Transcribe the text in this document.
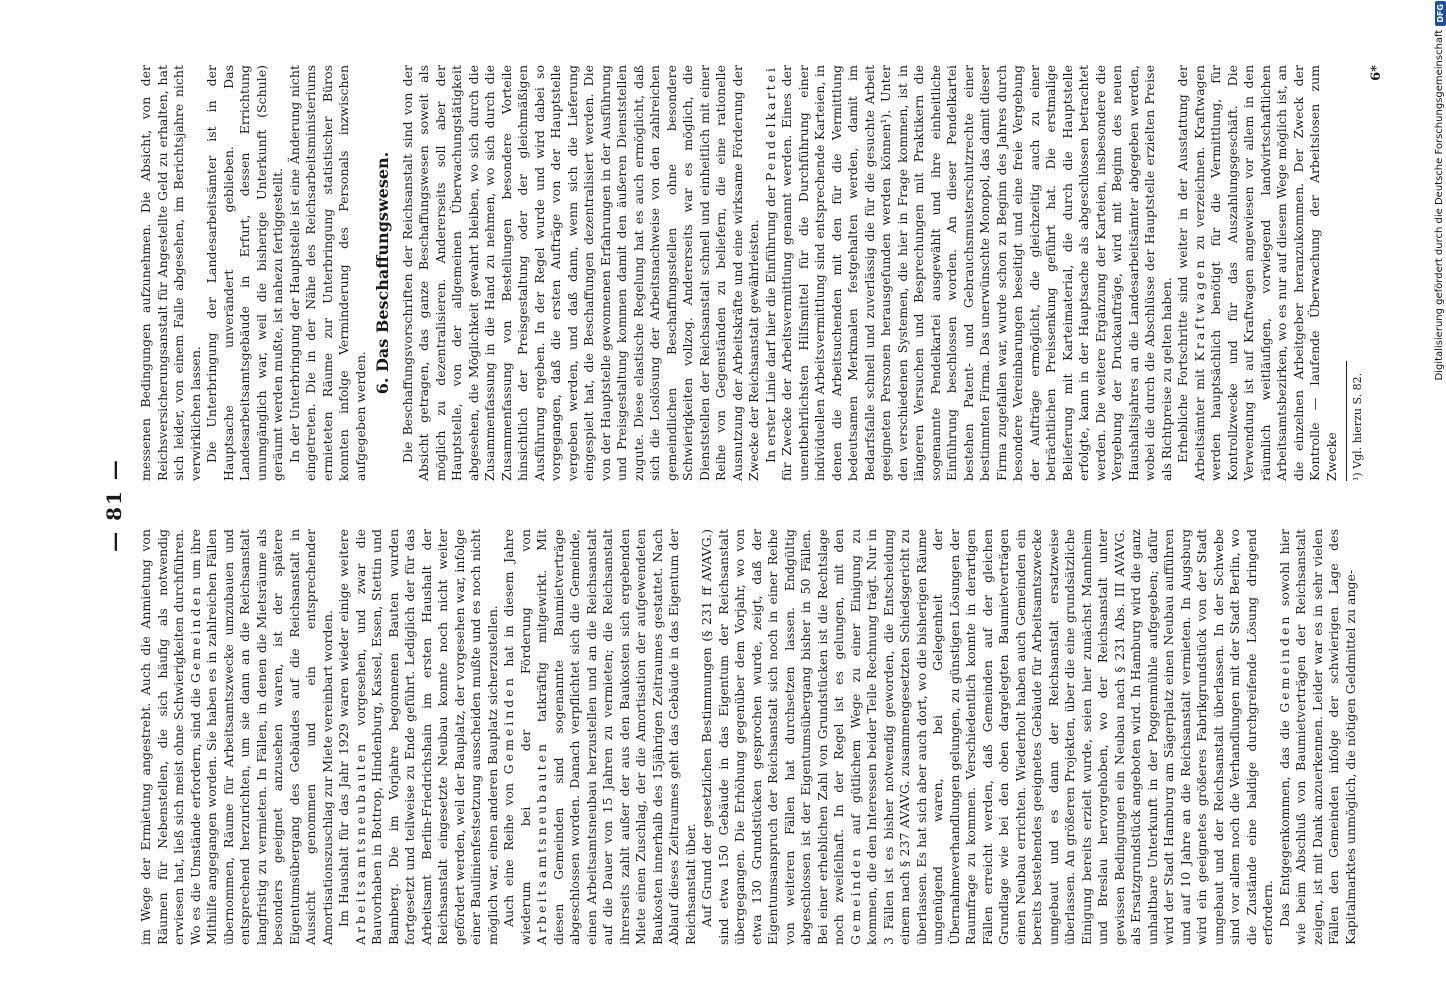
— 81 —

im Wege der Ermietung angestrebt. Auch die Anmietung von Räumen für Nebenstellen, die sich häufig als notwendig erwiesen hat, ließ sich meist ohne Schwierigkeiten durchführen. Wo es die Umstände erfordern, sind die Gemeinden um ihre Mithilfe angegangen worden. Sie haben es in zahlreichen Fällen übernommen, Räume für Arbeitsamtszwecke umzubauen und entsprechend herzurichten, um sie dann an die Reichsanstalt langfristig zu vermieten. In Fällen, in denen die Mietsräume als besonders geeignet anzusehen waren, ist der spätere Eigentumsübergang des Gebäudes auf die Reichsanstalt in Aussicht genommen und ein entsprechender Amortisationszuschlag zur Miete vereinbart worden. Im Haushalt für das Jahr 1929 waren wieder einige weitere Arbeitsamtsneubauten vorgesehen, und zwar die Bauvorhaben in Bottrop, Hindenburg, Kassel, Essen, Stettin und Bamberg. Die im Vorjahre begonnenen Bauten wurden fortgesetzt und teilweise zu Ende geführt. Lediglich der für das Arbeitsamt Berlin-Friedrichshain im ersten Haushalt der Reichsanstalt eingesetzte Neubau konnte noch nicht weiter gefördert werden, weil der Bauplatz, der vorgesehen war, infolge einer Baulinienfestsetzung ausscheiden mußte und es noch nicht möglich war, einen anderen Bauplatz sicherzustellen. Auch eine Reihe von Gemeinden hat in diesem Jahre wiederum bei der Förderung von Arbeitsamtsneubauten tatkräftig mitgewirkt. Mit diesen Gemeinden sind sogenannte Baumietverträge abgeschlossen worden. Danach verpflichtet sich die Gemeinde, einen Arbeitsamtsneubau herzustellen und an die Reichsanstalt auf die Dauer von 15 Jahren zu vermieten; die Reichsanstalt ihrerseits zahlt außer der aus den Baukosten sich ergebenden Miete einen Zuschlag, der die Amortisation der aufgewendeten Baukosten innerhalb des 15jährigen Zeitraumes gestattet. Nach Ablauf dieses Zeitraumes geht das Gebäude in das Eigentum der Reichsanstalt über. Auf Grund der gesetzlichen Bestimmungen (§ 231 ff AVAVG.) sind etwa 150 Gebäude in das Eigentum der Reichsanstalt übergegangen. Die Erhöhung gegenüber dem Vorjahr, wo von etwa 130 Grundstücken gesprochen wurde, zeigt, daß der Eigentumsanspruch der Reichsanstalt sich noch in einer Reihe von weiteren Fällen hat durchsetzen lassen. Endgültig abgeschlossen ist der Eigentumsübergang bisher in 50 Fällen. Bei einer erheblichen Zahl von Grundstücken ist die Rechtslage noch zweifelhaft. In der Regel ist es gelungen, mit den Gemeinden auf gütlichem Wege zu einer Einigung zu kommen, die den Interessen beider Teile Rechnung trägt. Nur in 3 Fällen ist es bisher notwendig geworden, die Entscheidung einem nach § 237 AVAVG. zusammengesetzten Schiedsgericht zu überlassen. Es hat sich aber auch dort, wo die bisherigen Räume ungenügend waren, bei Gelegenheit der Übernahmeverhandlungen gelungen, zu günstigen Lösungen der Raumfrage zu kommen. Verschiedentlich konnte in derartigen Fällen erreicht werden, daß Gemeinden auf der gleichen Grundlage wie bei den oben dargelegten Baumietverträgen einen Neubau errichten. Wiederholt haben auch Gemeinden ein bereits bestehendes geeignetes Gebäude für Arbeitsamtszwecke umgebaut und es dann der Reichsanstalt ersatzweise überlassen. An größeren Projekten, über die eine grundsätzliche Einigung bereits erzielt wurde, seien hier zunächst Mannheim und Breslau hervorgehoben, wo der Reichsanstalt unter gewissen Bedingungen ein Neubau nach § 231 Abs. III AVAVG. als Ersatzgrundstück angeboten wird. In Hamburg wird die ganz unhaltbare Unterkunft in der Poggenmühle aufgegeben; dafür wird der Stadt Hamburg am Sägerplatz einen Neubau aufführen und auf 10 Jahre an die Reichsanstalt vermieten. In Augsburg wird ein geeignetes größeres Fabrikgrundstück von der Stadt umgebaut und der Reichsanstalt überlassen. In der Schwebe sind vor allem noch die Verhandlungen mit der Stadt Berlin, wo die Zustände eine baldige durchgreifende Lösung dringend erfordern. Das Entgegenkommen, das die Gemeinden sowohl hier wie beim Abschluß von Baumietverträgen der Reichsanstalt zeigen, ist mit Dank anzuerkennen. Leider war es in sehr vielen Fällen den Gemeinden infolge der schwierigen Lage des Kapitalmarktes unmöglich, die nötigen Geldmittel zu ange-

messenen Bedingungen aufzunehmen. Die Absicht, von der Reichsversicherungsanstalt für Angestellte Geld zu erhalten, hat sich leider, von einem Falle abgesehen, im Berichtsjahre nicht verwirklichen lassen. Die Unterbringung der Landesarbeitsämter ist in der Hauptsache unverändert geblieben. Das Landesarbeitsamtsgebäude in Erfurt, dessen Errichtung unumgänglich war, weil die bisherige Unterkunft (Schule) geräumt werden mußte, ist nahezu fertiggestellt. In der Unterbringung der Hauptstelle ist eine Änderung nicht eingetreten. Die in der Nähe des Reichsarbeitsministeriums ermieteten Räume zur Unterbringung statistischer Büros konnten infolge Verminderung des Personals inzwischen aufgegeben werden.

6. Das Beschaffungswesen. Die Beschaffungsvorschriften der Reichsanstalt sind von der Absicht getragen, das ganze Beschaffungswesen soweit als möglich zu dezentralisieren. Andererseits soll aber der Hauptstelle, von der allgemeinen Überwachungstätigkeit abgesehen, die Möglichkeit gewahrt bleiben, wo sich durch die Zusammenfassung in die Hand zu nehmen, wo sich durch die Zusammenfassung von Bestellungen besondere Vorteile hinsichtlich der Preisgestaltung oder der gleichmäßigen Ausführung ergeben. In der Regel wurde und wird dabei so vorgegangen, daß die ersten Aufträge von der Hauptstelle vergeben werden, und daß dann, wenn sich die Lieferung eingespielt hat, die Beschaffungen dezentralisiert werden. Die von der Hauptstelle gewonnenen Erfahrungen in der Ausführung und Preisgestaltung kommen damit den äußeren Dienststellen zugute. Diese elastische Regelung hat es auch ermöglicht, daß sich die Loslösung der Arbeitsnachweise von den zahlreichen gemeindlichen Beschaffungsstellen ohne besondere Schwierigkeiten vollzog. Andererseits war es möglich, die Dienststellen der Reichsanstalt schnell und einheitlich mit einer Reihe von Gegenständen zu beliefern, die eine rationelle Ausnutzung der Arbeitskräfte und eine wirksame Förderung der Zwecke der Reichsanstalt gewährleisten. In erster Linie darf hier die Einführung der Pendelkartei für Zwecke der Arbeitsvermittlung genannt werden. Eines der unentbehrlichsten Hilfsmittel für die Durchführung einer individuellen Arbeitsvermittlung sind entsprechende Karteien, in denen die Arbeitsuchenden mit den für die Vermittlung bedeutsamen Merkmalen festgehalten werden, damit im Bedarfsfalle schnell und zuverlässig die für die gesuchte Arbeit geeigneten Personen herausgefunden werden können¹). Unter den verschiedenen Systemen, die hier in Frage kommen, ist in längeren Versuchen und Besprechungen mit Praktikern die sogenannte Pendelkartei ausgewählt und ihre einheitliche Einführung beschlossen worden. An dieser Pendelkartei bestehen Patent- und Gebrauchsmusterschutzrechte einer bestimmten Firma. Das unerwünschte Monopol, das damit dieser Firma zugefallen war, wurde schon zu Beginn des Jahres durch besondere Vereinbarungen beseitigt und eine freie Vergebung der Aufträge ermöglicht, die gleichzeitig auch zu einer beträchtlichen Preissenkung geführt hat. Die erstmalige Belieferung mit Karteimaterial, die durch die Hauptstelle erfolgte, kann in der Hauptsache als abgeschlossen betrachtet werden. Die weitere Ergänzung der Karteien, insbesondere die Vergebung der Druckaufträge, wird mit Beginn des neuen Haushaltsjahres an die Landesarbeitsämter abgegeben werden, wobei die durch die Abschlüsse der Hauptstelle erzielten Preise als Richtpreise zu gelten haben. Erhebliche Fortschritte sind weiter in der Ausstattung der Arbeitsämter mit Kraftwagen zu verzeichnen. Kraftwagen werden hauptsächlich benötigt für die Vermittlung, für Kontrollzwecke und für das Auszahlungsgeschäft. Die Verwendung ist auf Kraftwagen angewiesen vor allem in den räumlich weitläufigen, vorwiegend landwirtschaftlichen Arbeitsamtsbezirken, wo es nur auf diesem Wege möglich ist, an die einzelnen Arbeitgeber heranzukommen. Der Zweck der Kontrolle — laufende Überwachung der Arbeitslosen zum Zwecke ¹) Vgl. hierzu S. 82.

6*	Digitalisierung gefördert durch die Deutsche Forschungsgemeinschaft
DFG
